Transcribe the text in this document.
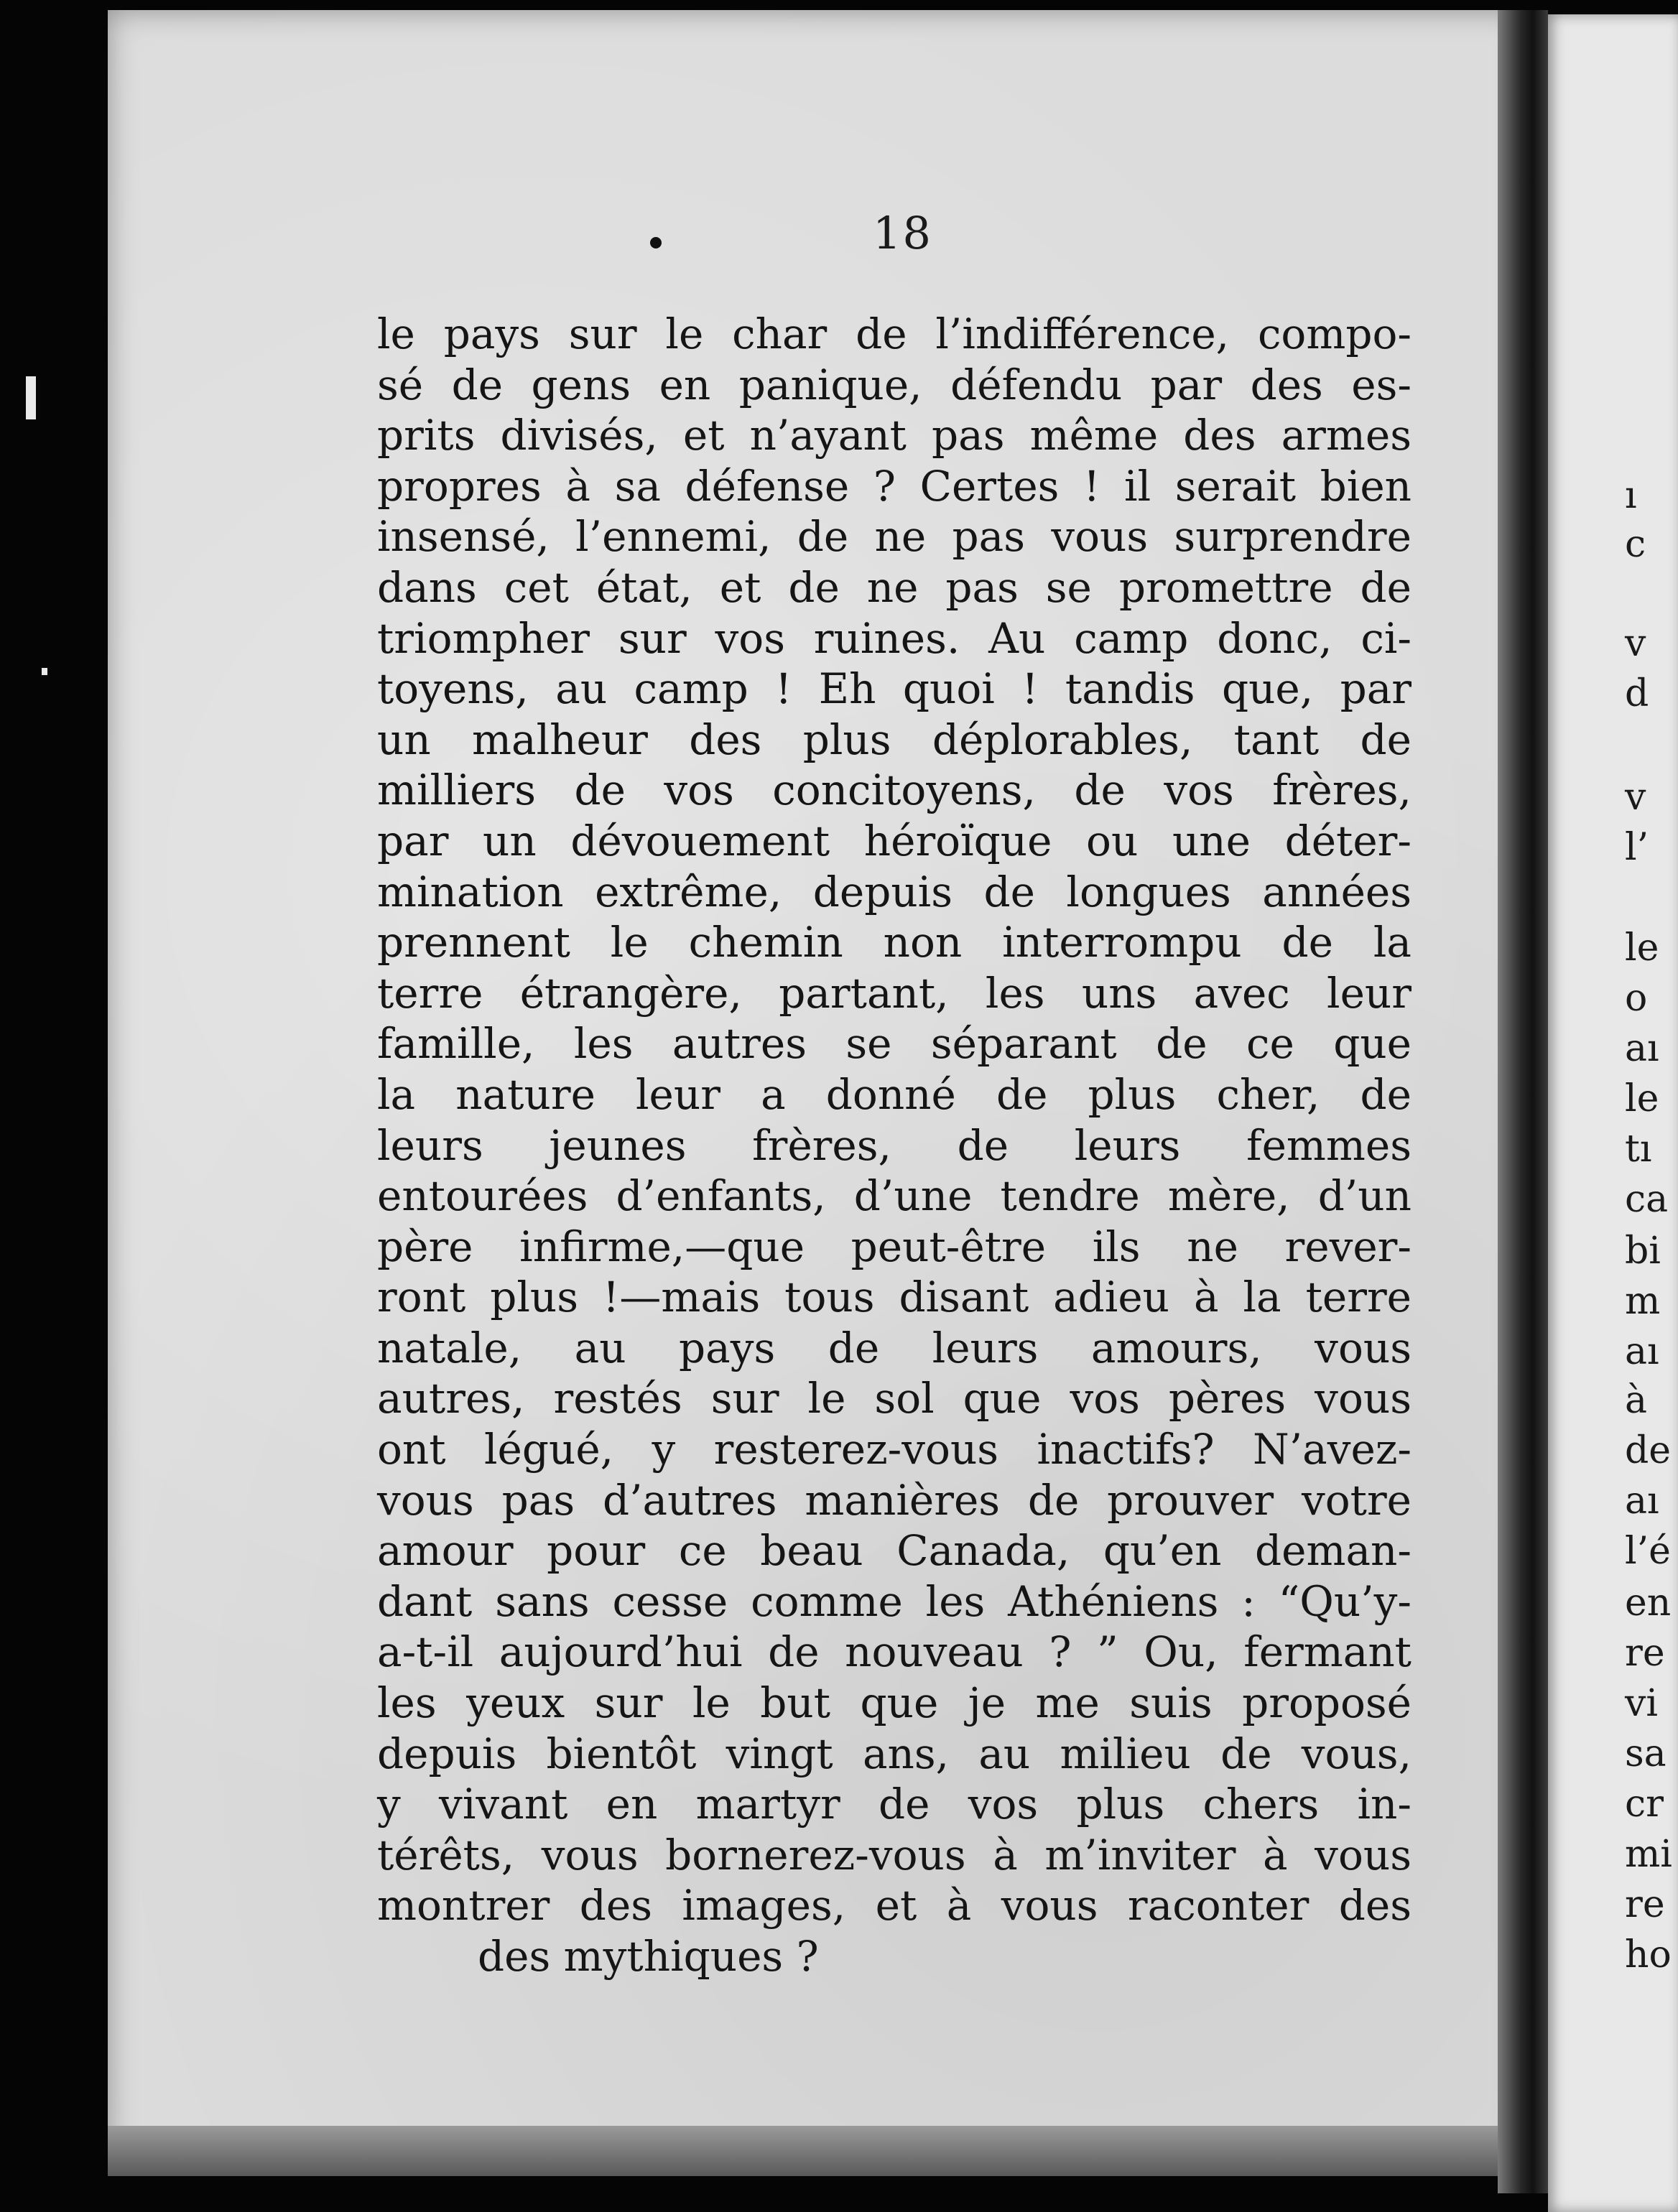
18
le pays sur le char de l’indifférence, compo-
sé de gens en panique, défendu par des es-
prits divisés, et n’ayant pas même des armes
propres à sa défense ? Certes ! il serait bien
insensé, l’ennemi, de ne pas vous surprendre
dans cet état, et de ne pas se promettre de
triompher sur vos ruines. Au camp donc, ci-
toyens, au camp ! Eh quoi ! tandis que, par
un malheur des plus déplorables, tant de
milliers de vos concitoyens, de vos frères,
par un dévouement héroïque ou une déter-
mination extrême, depuis de longues années
prennent le chemin non interrompu de la
terre étrangère, partant, les uns avec leur
famille, les autres se séparant de ce que
la nature leur a donné de plus cher, de
leurs jeunes frères, de leurs femmes
entourées d’enfants, d’une tendre mère, d’un
père infirme,—que peut-être ils ne rever-
ront plus !—mais tous disant adieu à la terre
natale, au pays de leurs amours, vous
autres, restés sur le sol que vos pères vous
ont légué, y resterez-vous inactifs? N’avez-
vous pas d’autres manières de prouver votre
amour pour ce beau Canada, qu’en deman-
dant sans cesse comme les Athéniens : “Qu’y-
a-t-il aujourd’hui de nouveau ? ” Ou, fermant
les yeux sur le but que je me suis proposé
depuis bientôt vingt ans, au milieu de vous,
y vivant en martyr de vos plus chers in-
térêts, vous bornerez-vous à m’inviter à vous
montrer des images, et à vous raconter des
des mythiques ?
ı
c
v
d
v
l’
le
o
aı
le
tı
ca
bi
m
aı
à
de
aı
l’é
en
re
vi
sa
cr
mi
re
ho
